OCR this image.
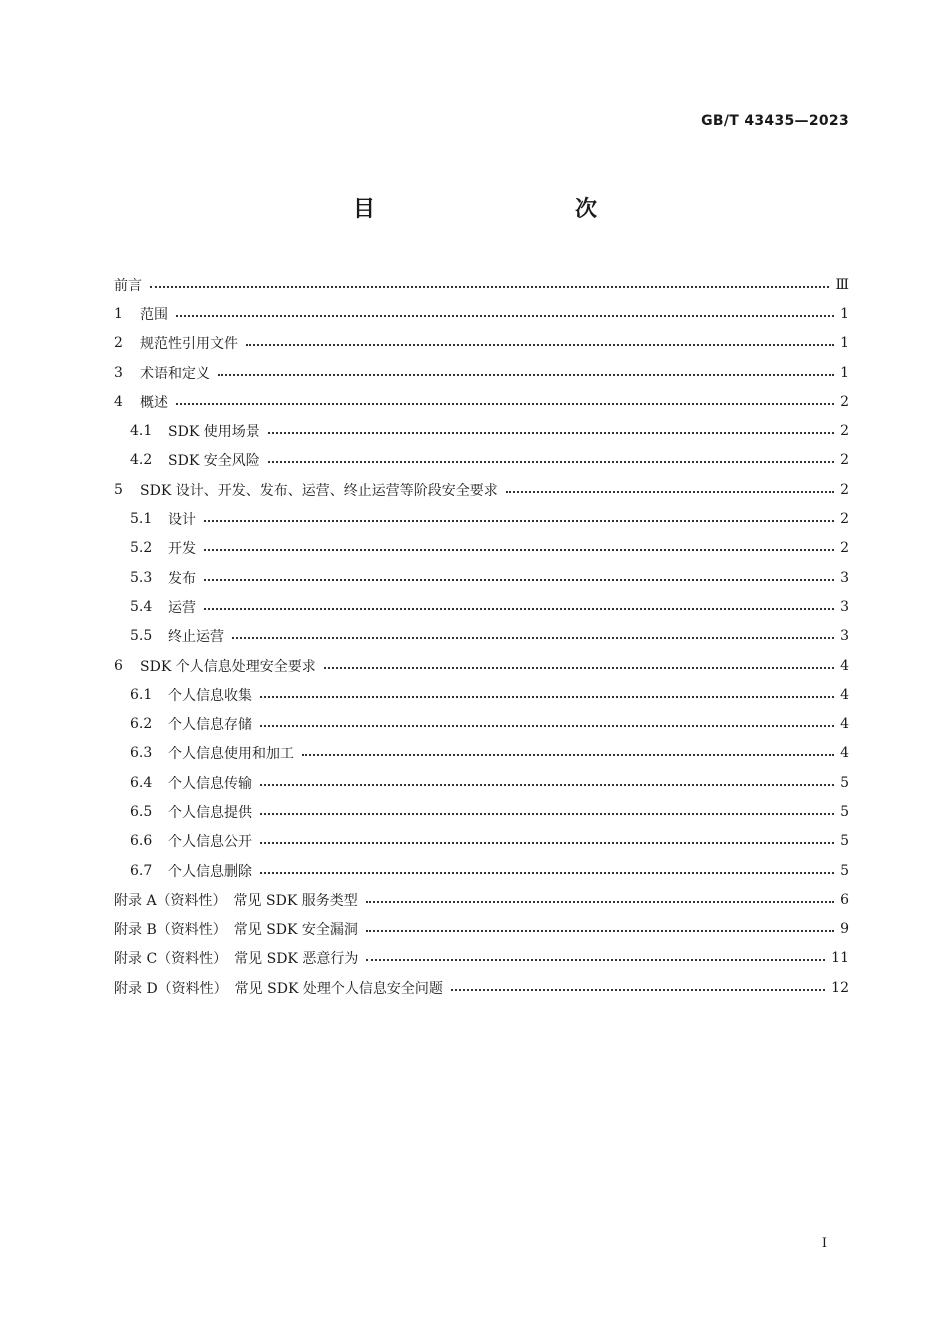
GB/T 43435—2023
目　　次
前言	Ⅲ
1	范围	1
2	规范性引用文件	1
3	术语和定义	1
4	概述	2
4.1	SDK 使用场景	2
4.2	SDK 安全风险	2
5	SDK 设计、开发、发布、运营、终止运营等阶段安全要求	2
5.1	设计	2
5.2	开发	2
5.3	发布	3
5.4	运营	3
5.5	终止运营	3
6	SDK 个人信息处理安全要求	4
6.1	个人信息收集	4
6.2	个人信息存储	4
6.3	个人信息使用和加工	4
6.4	个人信息传输	5
6.5	个人信息提供	5
6.6	个人信息公开	5
6.7	个人信息删除	5
附录 A（资料性）　常见 SDK 服务类型	6
附录 B（资料性）　常见 SDK 安全漏洞	9
附录 C（资料性）　常见 SDK 恶意行为	11
附录 D（资料性）　常见 SDK 处理个人信息安全问题	12
Ⅰ
